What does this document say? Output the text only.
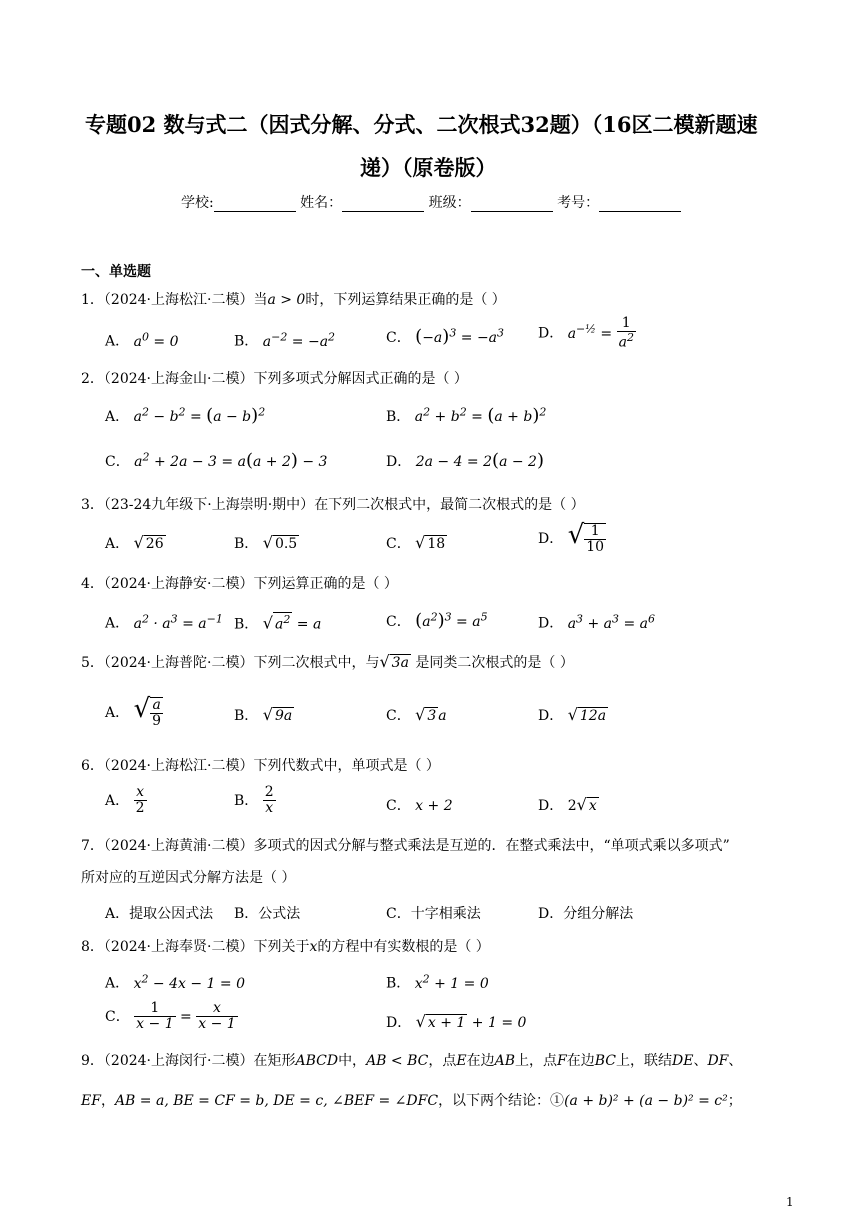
专题02 数与式二（因式分解、分式、二次根式32题）（16区二模新题速
递）（原卷版）
学校:	姓名：	班级：	考号：
一、单选题
1．（2024·上海松江·二模）当a > 0时，下列运算结果正确的是（ ）
A． $a^0 = 0$	B． $a^{-2} = -a^2$	C． $(-a)^3 = -a^3$ D． $a^{-\frac{1}{2}} = \frac{1}{a^2}$
2．（2024·上海金山·二模）下列多项式分解因式正确的是（ ）
A． $a^2 - b^2 = (a - b)^2$	B． $a^2 + b^2 = (a + b)^2$
C． $a^2 + 2a - 3 = a(a + 2) - 3$	D． 2a − 4 = 2(a − 2)
3．（23-24九年级下·上海崇明·期中）在下列二次根式中，最简二次根式的是（ ）
A． √ 26	B． √ 0.5	C． √ 18	D． √ $\frac{1}{10}$
4．（2024·上海静安·二模）下列运算正确的是（ ）
A． $a^2 \cdot a^3 = a^{-1}$ B． √ $a^2 = a$	C． $(a^2)^3 = a^5$	D． $a^3 + a^3 = a^6$
5．（2024·上海普陀·二模）下列二次根式中，与√ 3a 是同类二次根式的是（ ）
A． √ $\frac{a}{9}$	B． √ 9a	C． √ 3 a	D． √ 12a
6．（2024·上海松江·二模）下列代数式中，单项式是（ ）
A． $\frac{x}{2}$	B． $\frac{2}{x}$	C． x + 2	D． 2√ x
7．（2024·上海黄浦·二模）多项式的因式分解与整式乘法是互逆的．在整式乘法中，“单项式乘以多项式”
所对应的互逆因式分解方法是（ ）
A．提取公因式法 B．公式法	C．十字相乘法	D．分组分解法
8．（2024·上海奉贤·二模）下列关于x的方程中有实数根的是（ ）
A． $x^2 - 4x - 1 = 0$	B． $x^2 + 1 = 0$
C． $\frac{1}{x - 1} = \frac{x}{x - 1}$	D． √ x + 1 + 1 = 0
9．（2024·上海闵行·二模）在矩形ABCD中，AB < BC，点E在边AB上，点F在边BC上，联结DE、DF、
EF，AB = a, BE = CF = b, DE = c, ∠BEF = ∠DFC，以下两个结论：①(a + b)² + (a − b)² = c²；
1
